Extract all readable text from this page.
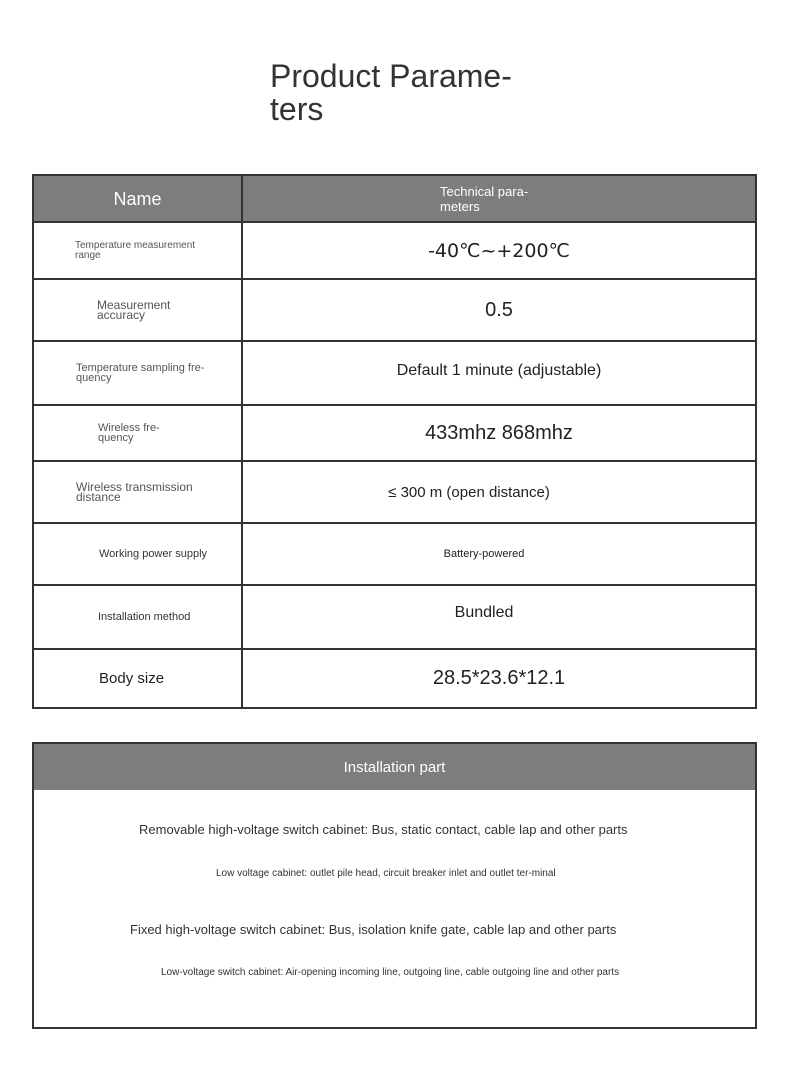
Product Parame-
ters
Name	Technical para-
meters
Temperature measurement range	-40℃~+200℃
Measurement accuracy	0.5
Temperature sampling fre-quency	Default 1 minute (adjustable)
Wireless fre-quency	433mhz 868mhz
Wireless transmission distance	≤ 300 m (open distance)
Working power supply	Battery-powered
Installation method	Bundled
Body size	28.5*23.6*12.1
Installation part
Removable high-voltage switch cabinet: Bus, static contact, cable lap and other parts
Low voltage cabinet: outlet pile head, circuit breaker inlet and outlet ter-minal
Fixed high-voltage switch cabinet: Bus, isolation knife gate, cable lap and other parts
Low-voltage switch cabinet: Air-opening incoming line, outgoing line, cable outgoing line and other parts
